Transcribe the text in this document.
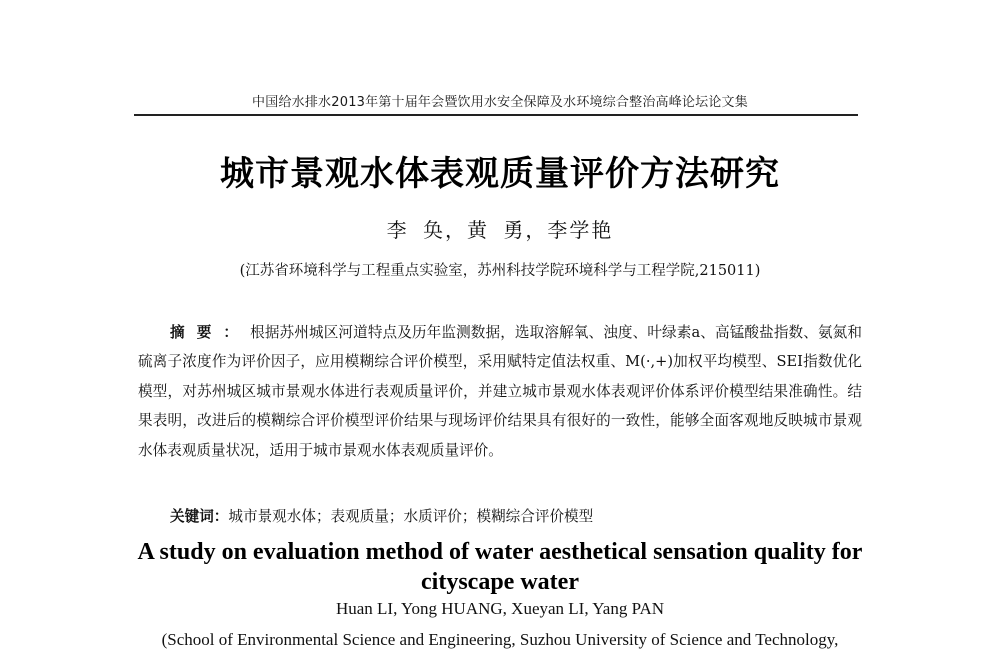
中国给水排水2013年第十届年会暨饮用水安全保障及水环境综合整治高峰论坛论文集
城市景观水体表观质量评价方法研究
李 奂，黄 勇，李学艳
(江苏省环境科学与工程重点实验室，苏州科技学院环境科学与工程学院,215011)
摘要：根据苏州城区河道特点及历年监测数据，选取溶解氧、浊度、叶绿素a、高锰酸盐指数、氨氮和硫离子浓度作为评价因子，应用模糊综合评价模型，采用赋特定值法权重、M(·,+)加权平均模型、SEI指数优化模型，对苏州城区城市景观水体进行表观质量评价，并建立城市景观水体表观评价体系评价模型结果准确性。结果表明，改进后的模糊综合评价模型评价结果与现场评价结果具有很好的一致性，能够全面客观地反映城市景观水体表观质量状况，适用于城市景观水体表观质量评价。
关键词：城市景观水体；表观质量；水质评价；模糊综合评价模型
A study on evaluation method of water aesthetical sensation quality for cityscape water
Huan LI, Yong HUANG, Xueyan LI, Yang PAN
(School of Environmental Science and Engineering, Suzhou University of Science and Technology,
